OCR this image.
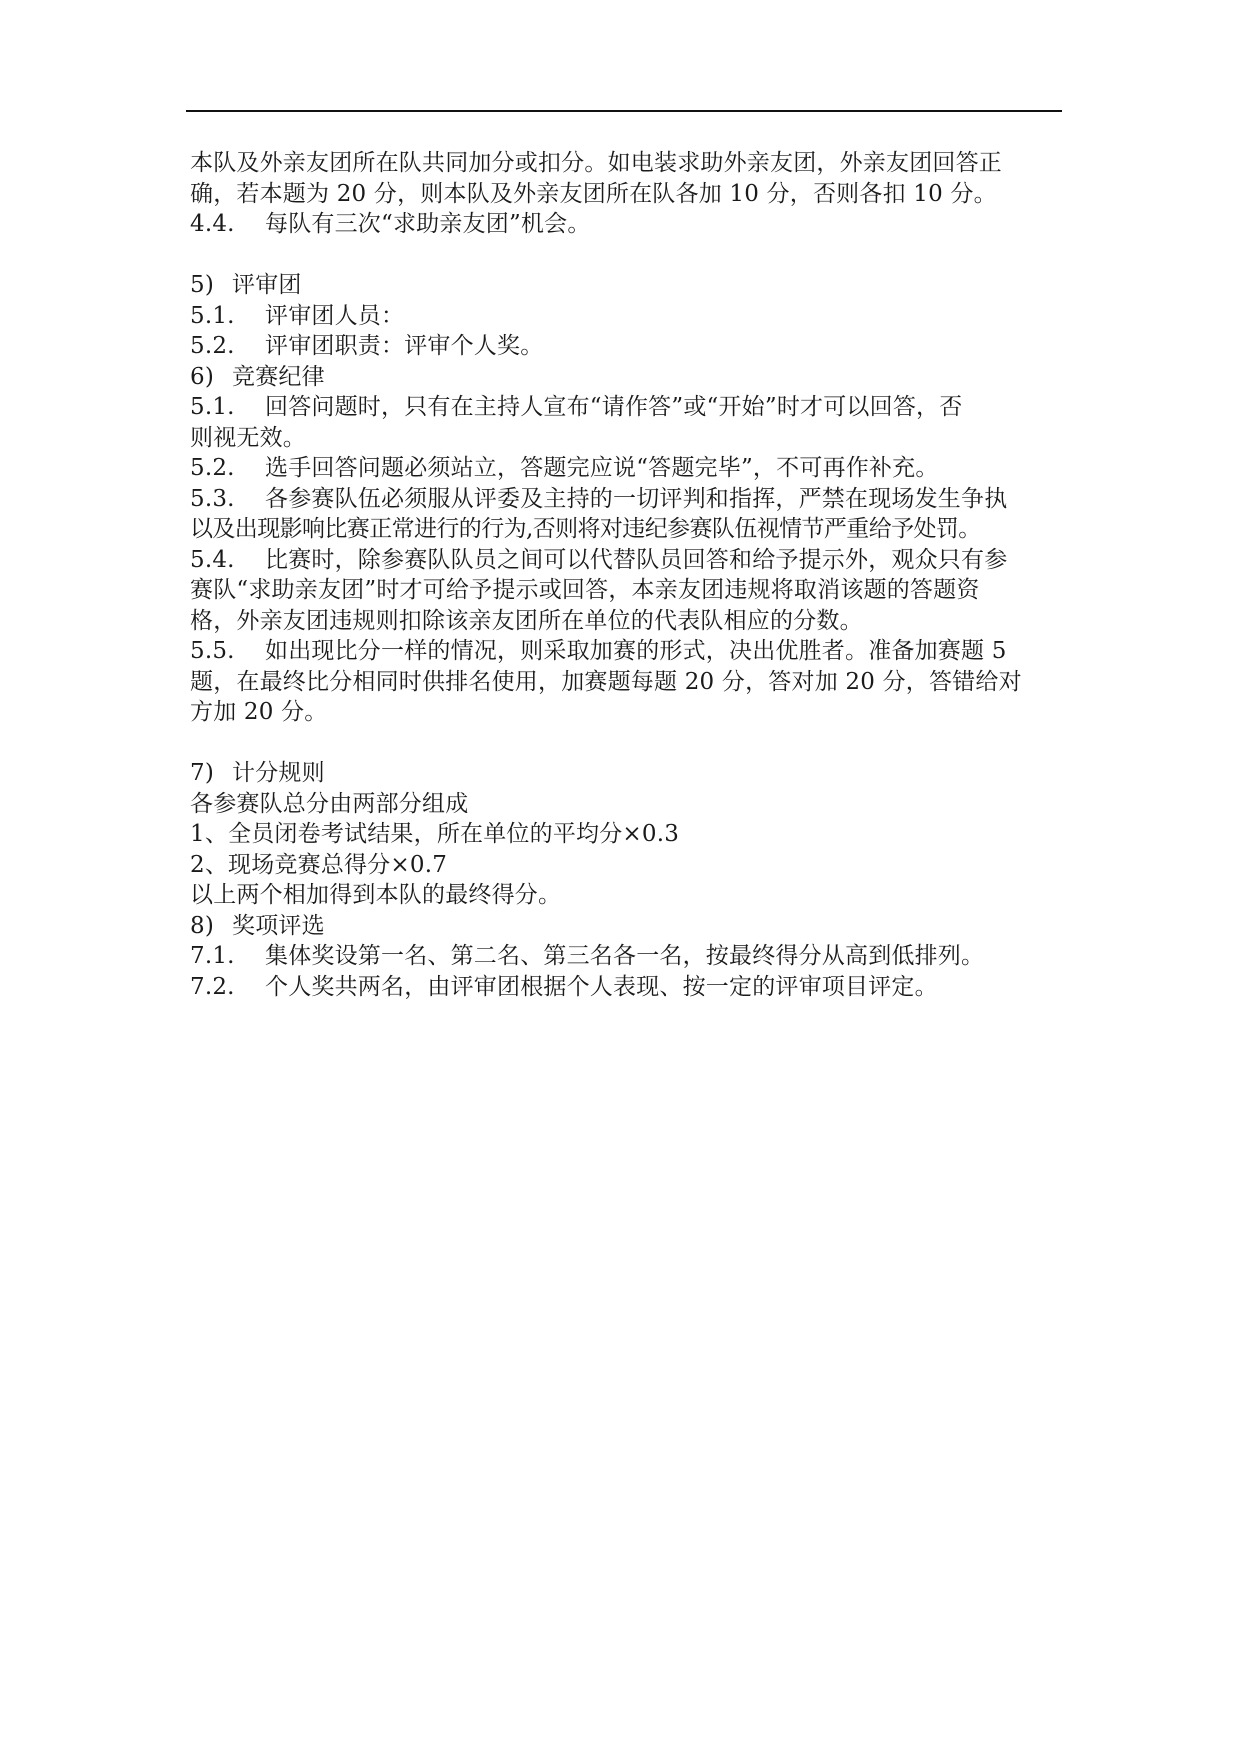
本队及外亲友团所在队共同加分或扣分。如电装求助外亲友团，外亲友团回答正
确，若本题为 20 分，则本队及外亲友团所在队各加 10 分，否则各扣 10 分。
4.4. 每队有三次“求助亲友团”机会。
5) 评审团
5.1. 评审团人员：
5.2. 评审团职责：评审个人奖。
6) 竞赛纪律
5.1. 回答问题时，只有在主持人宣布“请作答”或“开始”时才可以回答，否
则视无效。
5.2. 选手回答问题必须站立，答题完应说“答题完毕”，不可再作补充。
5.3. 各参赛队伍必须服从评委及主持的一切评判和指挥，严禁在现场发生争执
以及出现影响比赛正常进行的行为,否则将对违纪参赛队伍视情节严重给予处罚。
5.4. 比赛时，除参赛队队员之间可以代替队员回答和给予提示外，观众只有参
赛队“求助亲友团”时才可给予提示或回答，本亲友团违规将取消该题的答题资
格，外亲友团违规则扣除该亲友团所在单位的代表队相应的分数。
5.5. 如出现比分一样的情况，则采取加赛的形式，决出优胜者。准备加赛题 5
题，在最终比分相同时供排名使用，加赛题每题 20 分，答对加 20 分，答错给对
方加 20 分。
7) 计分规则
各参赛队总分由两部分组成
1、全员闭卷考试结果，所在单位的平均分×0.3
2、现场竞赛总得分×0.7
以上两个相加得到本队的最终得分。
8) 奖项评选
7.1. 集体奖设第一名、第二名、第三名各一名，按最终得分从高到低排列。
7.2. 个人奖共两名，由评审团根据个人表现、按一定的评审项目评定。
